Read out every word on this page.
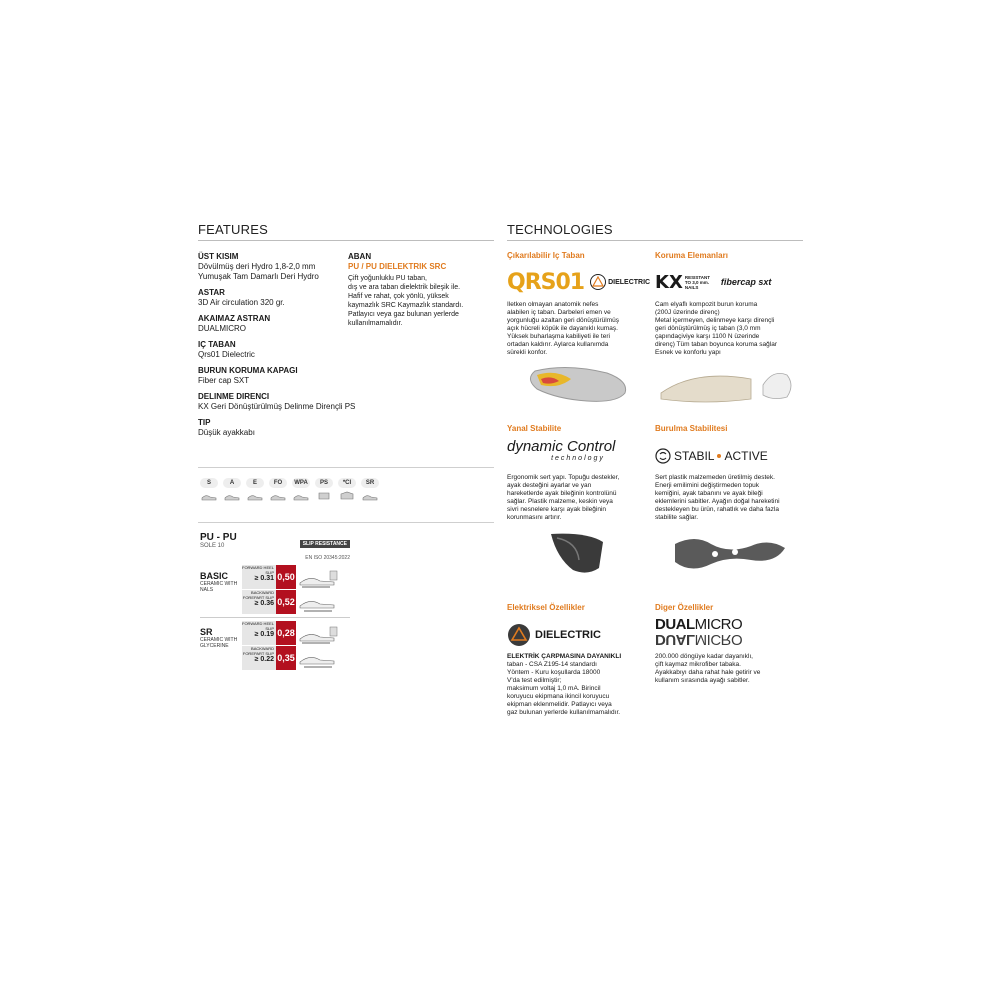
FEATURES
ÜST KISIM
Dövülmüş deri Hydro 1,8-2,0 mm
Yumuşak Tam Damarlı Deri Hydro
ASTAR
3D Air circulation 320 gr.
AKAIMAZ ASTRAN
DUALMICRO
IÇ TABAN
Qrs01 Dielectric
BURUN KORUMA KAPAGI
Fiber cap SXT
DELINME DIRENCI
KX Geri Dönüştürülmüş Delinme Dirençli PS
TIP
Düşük ayakkabı
ABAN
PU / PU DIELEKTRIK SRC
Çift yoğunluklu PU taban,
dış ve ara taban dielektrik bileşik ile.
Hafif ve rahat, çok yönlü, yüksek
kaymazlık SRC Kaymazlık standardı.
Patlayıcı veya gaz bulunan yerlerde
kullanılmamalıdır.
S	A	E	FO	WPA	PS	*CI	SR
PU - PU
SOLE 10	SLIP RESISTANCE
EN ISO 20345:2022
BASIC
CERAMIC WITH NALS
FORWARD HEEL SLIP
≥ 0.31 0,50
BACKWARD FOREPART SLIP
≥ 0.36 0,52
SR
CERAMIC WITH GLYCERINE
FORWARD HEEL SLIP
≥ 0.19 0,28
BACKWARD FOREPART SLIP
≥ 0.22 0,35
TECHNOLOGIES
Çıkarılabilir Iç Taban
QRS01	DIELECTRIC
Iletken olmayan anatomik nefes
alabilen iç taban. Darbeleri emen ve
yorgunluğu azaltan geri dönüştürülmüş
açık hücreli köpük ile dayanıklı kumaş.
Yüksek buharlaşma kabiliyeti ile teri
ortadan kaldırır. Aylarca kullanımda
sürekli konfor.
Koruma Elemanları
KX RESISTANT TO 3,0 mm. NAILS	fibercap sxt
Cam elyaflı kompozit burun koruma
(200J üzerinde direnç)
Metal içermeyen, delinmeye karşı dirençli
geri dönüştürülmüş iç taban (3,0 mm
çapındaçiviye karşı 1100 N üzerinde
direnç) Tüm taban boyunca koruma sağlar
Esnek ve konforlu yapı
Yanal Stabilite
dynamic Control
technology
Ergonomik sert yapı. Topuğu destekler,
ayak desteğini ayarlar ve yan
hareketlerde ayak bileğinin kontrolünü
sağlar. Plastik malzeme, keskin veya
sivri nesnelere karşı ayak bileğinin
korunmasını artırır.
Burulma Stabilitesi
STABIL ACTIVE
Sert plastik malzemeden üretilmiş destek.
Enerji emilimini değiştirmeden topuk
kemiğini, ayak tabanını ve ayak bileği
eklemlerini sabitler. Ayağın doğal hareketini
destekleyen bu ürün, rahatlık ve daha fazla
stabilite sağlar.
Elektriksel Özellikler
DIELECTRIC
ELEKTRİK ÇARPMASINA DAYANIKLI
taban - CSA Z195-14 standardı
Yöntem - Kuru koşullarda 18000
V'da test edilmiştir;
maksimum voltaj 1,0 mA. Birincil
koruyucu ekipmana ikincil koruyucu
ekipman eklenmelidir. Patlayıcı veya
gaz bulunan yerlerde kullanılmamalıdır.
Diger Özellikler
DUALMICRO
DUALMICRO
200.000 döngüye kadar dayanıklı,
çift kaymaz mikrofiber tabaka.
Ayakkabıyı daha rahat hale getirir ve
kullanım sırasında ayağı sabitler.
